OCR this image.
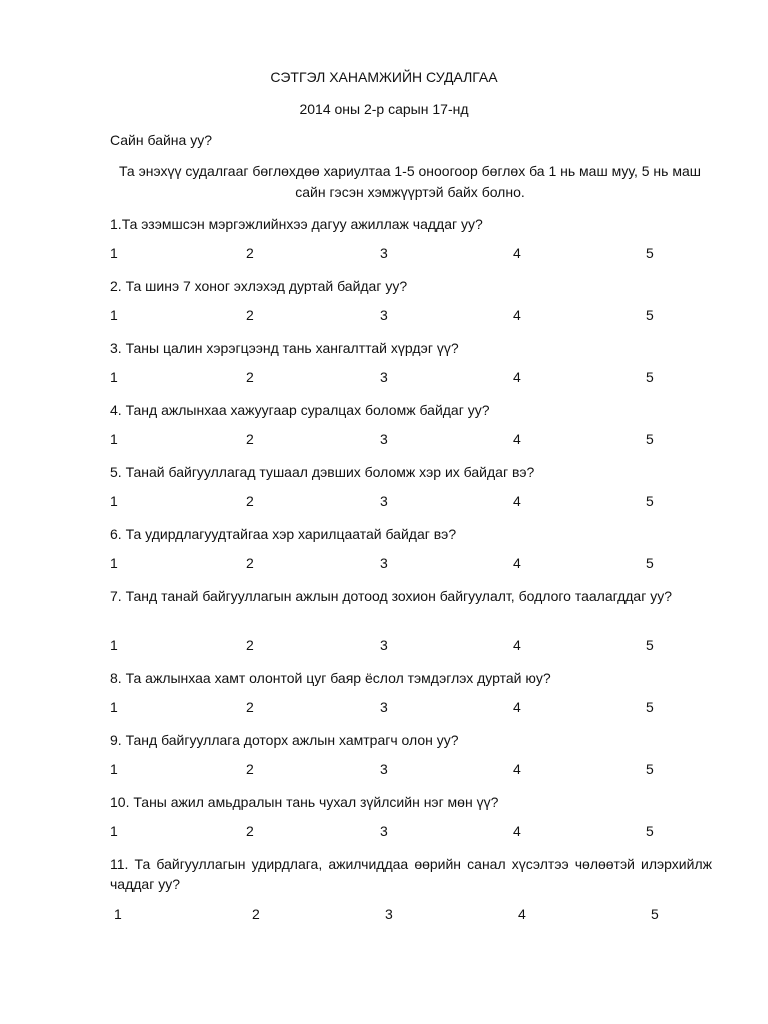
СЭТГЭЛ ХАНАМЖИЙН СУДАЛГАА
2014 оны 2-р сарын 17-нд
Сайн байна уу?
Та энэхүү судалгааг бөглөхдөө хариултаа 1-5 оноогоор бөглөх ба 1 нь маш муу, 5 нь маш сайн гэсэн хэмжүүртэй байх болно.
1.Та эзэмшсэн мэргэжлийнхээ дагуу ажиллаж чаддаг уу?
1	2	3	4	5
2. Та шинэ 7 хоног эхлэхэд дуртай байдаг уу?
1	2	3	4	5
3. Таны цалин хэрэгцээнд тань хангалттай хүрдэг үү?
1	2	3	4	5
4. Танд ажлынхаа хажуугаар суралцах боломж байдаг уу?
1	2	3	4	5
5. Танай байгууллагад тушаал дэвших боломж хэр их байдаг вэ?
1	2	3	4	5
6. Та удирдлагуудтайгаа хэр харилцаатай байдаг вэ?
1	2	3	4	5
7. Танд танай байгууллагын ажлын дотоод зохион байгуулалт, бодлого таалагддаг уу?
1	2	3	4	5
8. Та ажлынхаа хамт олонтой цуг баяр ёслол тэмдэглэх дуртай юу?
1	2	3	4	5
9. Танд байгууллага доторх ажлын хамтрагч олон уу?
1	2	3	4	5
10. Таны ажил амьдралын тань чухал зүйлсийн нэг мөн үү?
1	2	3	4	5
11. Та байгууллагын удирдлага, ажилчиддаа өөрийн санал хүсэлтээ чөлөөтэй илэрхийлж чаддаг уу?
1	2	3	4	5
